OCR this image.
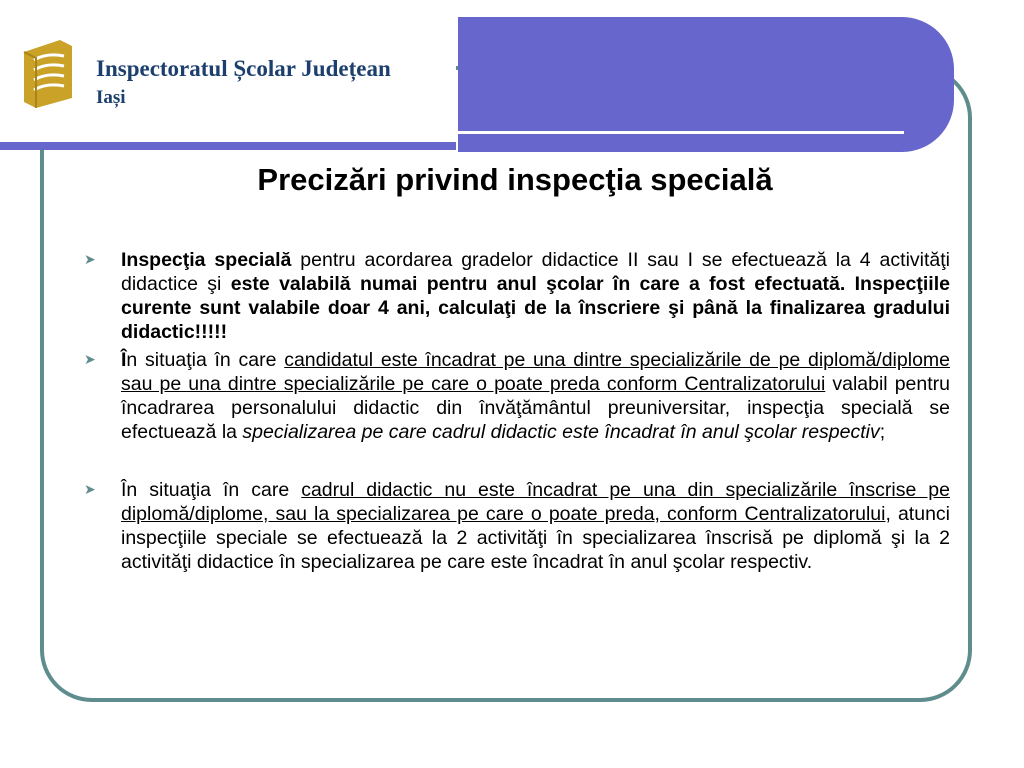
Inspectoratul Școlar Județean
Iași
Precizări privind inspecţia specială
➤ Inspecţia specială pentru acordarea gradelor didactice II sau I se efectuează la 4 activităţi didactice şi este valabilă numai pentru anul şcolar în care a fost efectuată. Inspecţiile curente sunt valabile doar 4 ani, calculaţi de la înscriere şi până la finalizarea gradului didactic!!!!!
➤ În situaţia în care candidatul este încadrat pe una dintre specializările de pe diplomă/diplome sau pe una dintre specializările pe care o poate preda conform Centralizatorului valabil pentru încadrarea personalului didactic din învăţământul preuniversitar, inspecţia specială se efectuează la specializarea pe care cadrul didactic este încadrat în anul şcolar respectiv;
➤ În situaţia în care cadrul didactic nu este încadrat pe una din specializările înscrise pe diplomă/diplome, sau la specializarea pe care o poate preda, conform Centralizatorului, atunci inspecţiile speciale se efectuează la 2 activităţi în specializarea înscrisă pe diplomă şi la 2 activităţi didactice în specializarea pe care este încadrat în anul şcolar respectiv.
